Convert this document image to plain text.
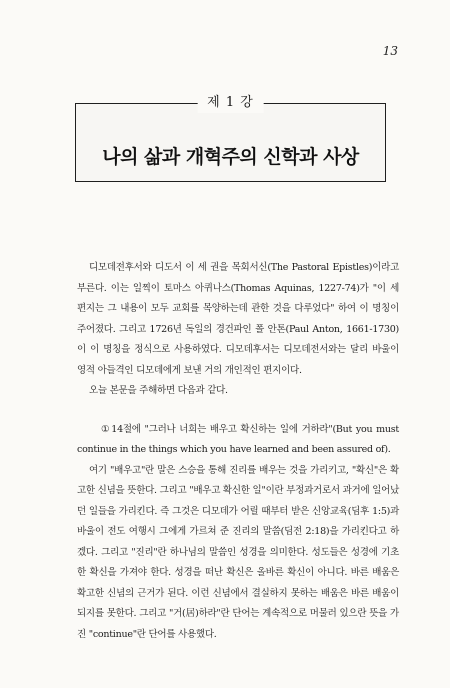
13
제 1 강
나의 삶과 개혁주의 신학과 사상

디모데전후서와 디도서 이 세 권을 목회서신(The Pastoral Epistles)이라고 부른다. 이는 일찍이 토마스 아퀴나스(Thomas Aquinas, 1227-74)가 "이 세 편지는 그 내용이 모두 교회를 목양하는데 관한 것을 다루었다" 하여 이 명칭이 주어졌다. 그리고 1726년 독일의 경건파인 폴 안톤(Paul Anton, 1661-1730)이 이 명칭을 정식으로 사용하였다. 디모데후서는 디모데전서와는 달리 바울이 영적 아들격인 디모데에게 보낸 거의 개인적인 편지이다.

오늘 본문을 주해하면 다음과 같다.

① 14절에 "그러나 너희는 배우고 확신하는 일에 거하라"(But you must continue in the things which you have learned and been assured of).

여기 "배우고"란 말은 스승을 통해 진리를 배우는 것을 가리키고, "확신"은 확고한 신념을 뜻한다. 그리고 "배우고 확신한 일"이란 부정과거로서 과거에 일어났던 일들을 가리킨다. 즉 그것은 디모데가 어릴 때부터 받은 신앙교육(딤후 1:5)과 바울이 전도 여행시 그에게 가르쳐 준 진리의 말씀(딤전 2:18)을 가리킨다고 하겠다. 그리고 "진리"란 하나님의 말씀인 성경을 의미한다. 성도들은 성경에 기초한 확신을 가져야 한다. 성경을 떠난 확신은 올바른 확신이 아니다. 바른 배움은 확고한 신념의 근거가 된다. 이런 신념에서 결실하지 못하는 배움은 바른 배움이 되지를 못한다. 그리고 "거(居)하라"란 단어는 계속적으로 머물러 있으란 뜻을 가진 "continue"란 단어를 사용했다.
